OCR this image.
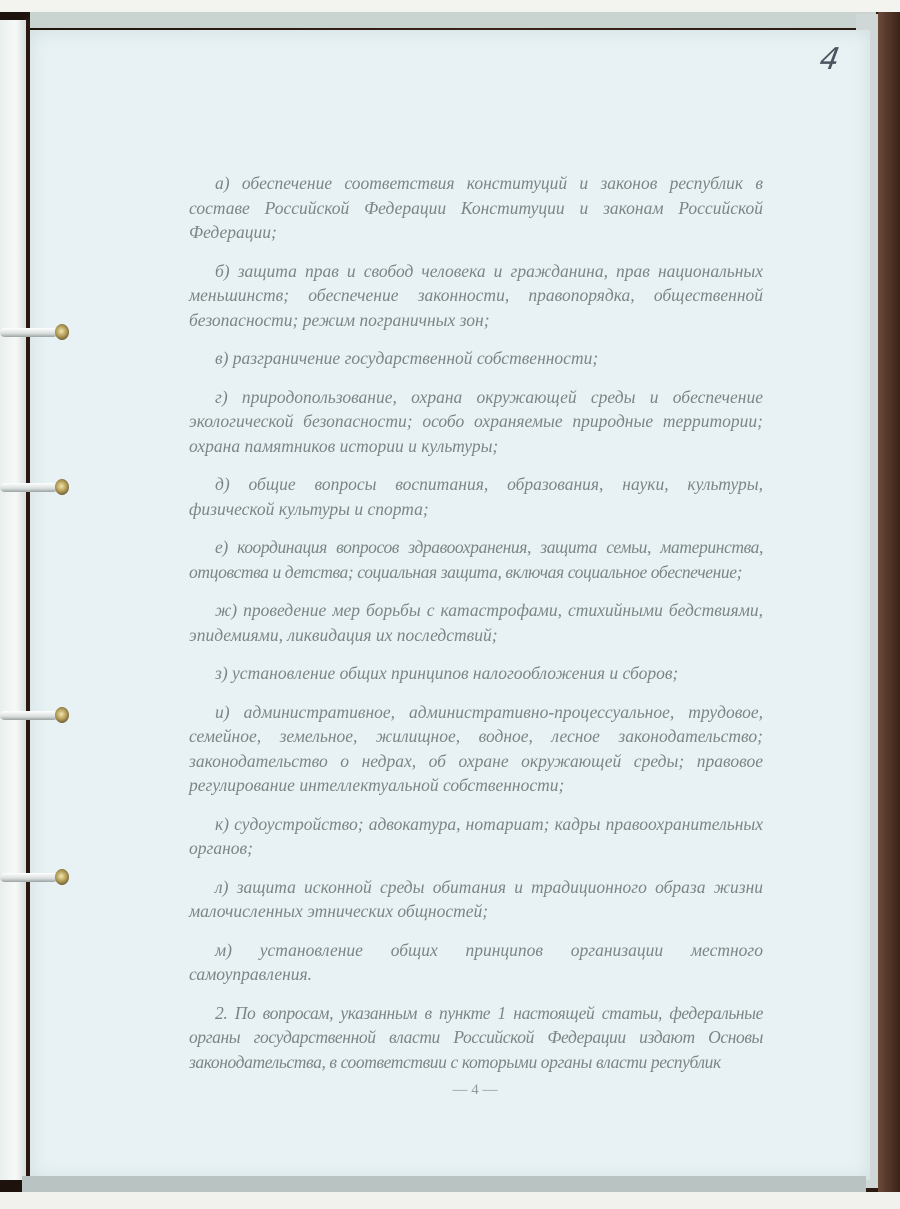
4

а) обеспечение соответствия конституций и законов республик в составе Российской Федерации Конституции и законам Российской Федерации;

б) защита прав и свобод человека и гражданина, прав национальных меньшинств; обеспечение законности, правопорядка, общественной безопасности; режим пограничных зон;

в) разграничение государственной собственности;

г) природопользование, охрана окружающей среды и обеспечение экологической безопасности; особо охраняемые природные территории; охрана памятников истории и культуры;

д) общие вопросы воспитания, образования, науки, культуры, физической культуры и спорта;

е) координация вопросов здравоохранения, защита семьи, материнства, отцовства и детства; социальная защита, включая социальное обеспечение;

ж) проведение мер борьбы с катастрофами, стихийными бедствиями, эпидемиями, ликвидация их последствий;

з) установление общих принципов налогообложения и сборов;

и) административное, административно-процессуальное, трудовое, семейное, земельное, жилищное, водное, лесное законодательство; законодательство о недрах, об охране окружающей среды; правовое регулирование интеллектуальной собственности;

к) судоустройство; адвокатура, нотариат; кадры правоохранительных органов;

л) защита исконной среды обитания и традиционного образа жизни малочисленных этнических общностей;

м) установление общих принципов организации местного самоуправления.

2. По вопросам, указанным в пункте 1 настоящей статьи, федеральные органы государственной власти Российской Федерации издают Основы законодательства, в соответствии с которыми органы власти республик

— 4 —
